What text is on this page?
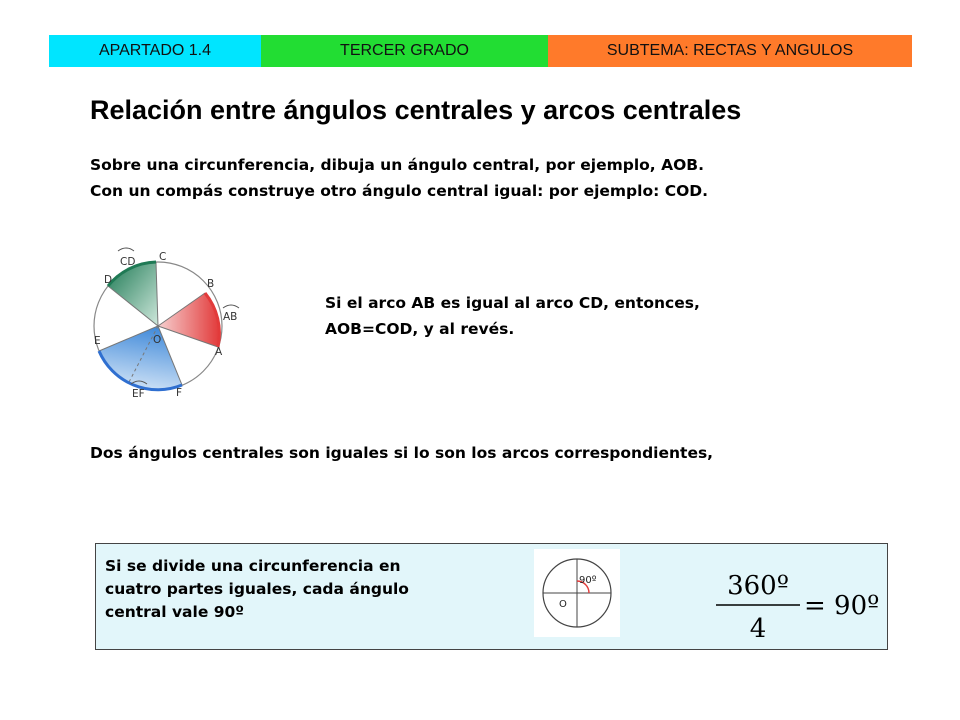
APARTADO 1.4	TERCER GRADO	SUBTEMA: RECTAS Y ANGULOS
Relación entre ángulos centrales y arcos centrales
Sobre una circunferencia, dibuja un ángulo central, por ejemplo, AOB.
Con un compás construye otro ángulo central igual: por ejemplo: COD.
C
B
A
D
E
F
O
CD
AB
EF
Si el arco AB es igual al arco CD, entonces,
AOB=COD, y al revés.
Dos ángulos centrales son iguales si lo son los arcos correspondientes,
Si se divide una circunferencia en
cuatro partes iguales, cada ángulo
central vale 90º
90º
O
360º
4
= 90º
